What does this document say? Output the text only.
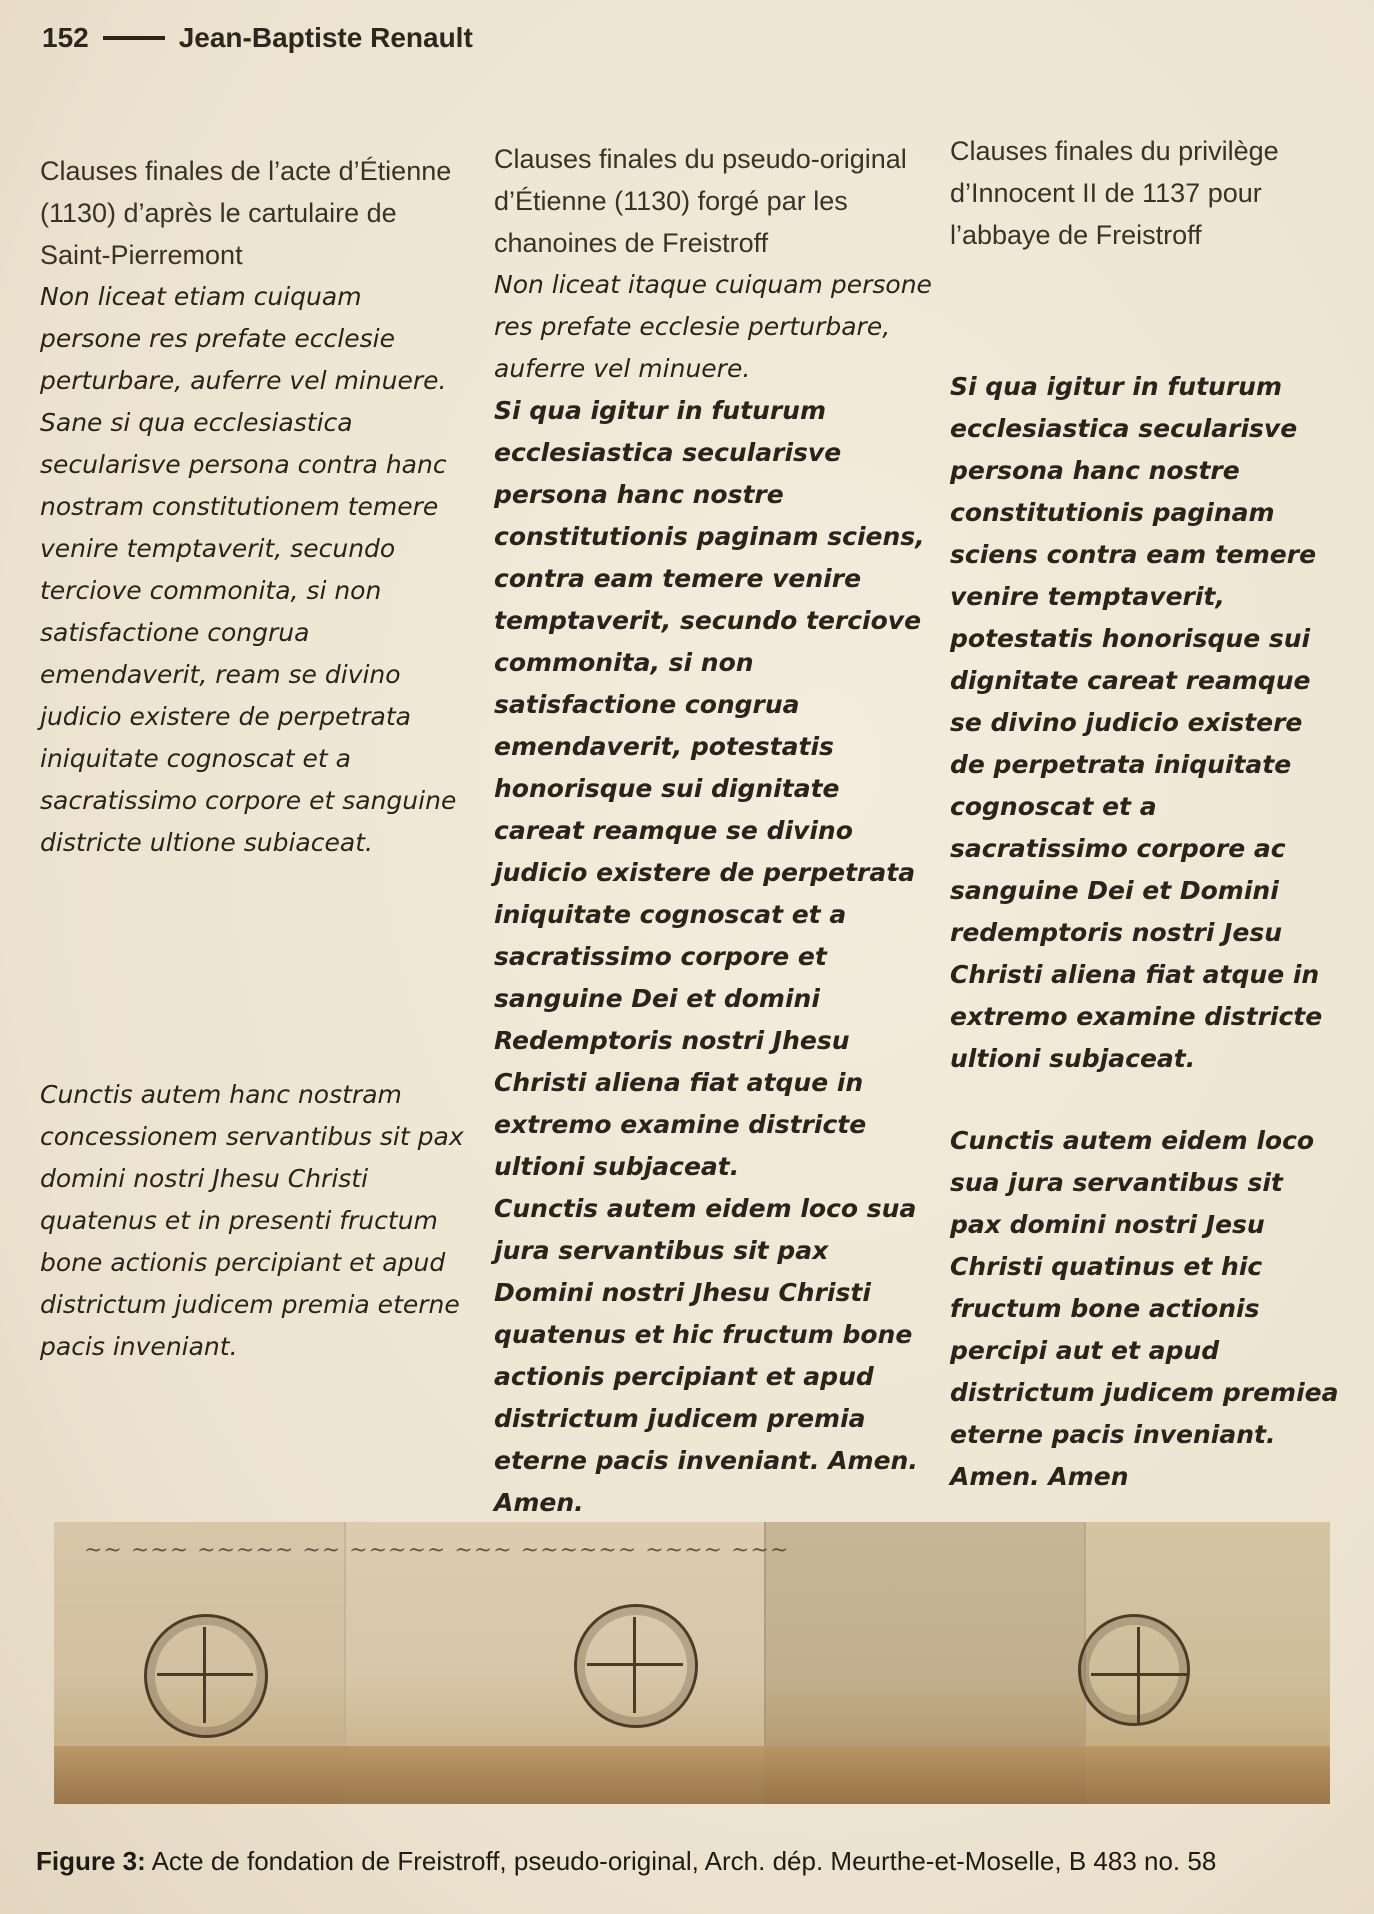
152	Jean-Baptiste Renault

Clauses finales de l’acte d’Étienne (1130) d’après le cartulaire de Saint-Pierremont

Non liceat etiam cuiquam persone res prefate ecclesie perturbare, auferre vel minuere. Sane si qua ecclesiastica secularisve persona contra hanc nostram constitutionem temere venire temptaverit, secundo terciove commonita, si non satisfactione congrua emendaverit, ream se divino judicio existere de perpetrata iniquitate cognoscat et a sacratissimo corpore et sanguine districte ultione subiaceat.

Cunctis autem hanc nostram concessionem servantibus sit pax domini nostri Jhesu Christi quatenus et in presenti fructum bone actionis percipiant et apud districtum judicem premia eterne pacis inveniant.

Clauses finales du pseudo-original d’Étienne (1130) forgé par les chanoines de Freistroff

Non liceat itaque cuiquam persone res prefate ecclesie perturbare, auferre vel minuere.

Si qua igitur in futurum ecclesiastica secularisve persona hanc nostre constitutionis paginam sciens, contra eam temere venire temptaverit, secundo terciove commonita, si non satisfactione congrua emendaverit, potestatis honorisque sui dignitate careat reamque se divino judicio existere de perpetrata iniquitate cognoscat et a sacratissimo corpore et sanguine Dei et domini Redemptoris nostri Jhesu Christi aliena fiat atque in extremo examine districte ultioni subjaceat.

Cunctis autem eidem loco sua jura servantibus sit pax Domini nostri Jhesu Christi quatenus et hic fructum bone actionis percipiant et apud districtum judicem premia eterne pacis inveniant. Amen. Amen.

Clauses finales du privilège d’Innocent II de 1137 pour l’abbaye de Freistroff

Si qua igitur in futurum ecclesiastica secularisve persona hanc nostre constitutionis paginam sciens contra eam temere venire temptaverit, potestatis honorisque sui dignitate careat reamque se divino judicio existere de perpetrata iniquitate cognoscat et a sacratissimo corpore ac sanguine Dei et Domini redemptoris nostri Jesu Christi aliena fiat atque in extremo examine districte ultioni subjaceat.

Cunctis autem eidem loco sua jura servantibus sit pax domini nostri Jesu Christi quatinus et hic fructum bone actionis percipi aut et apud districtum judicem premiea eterne pacis inveniant. Amen. Amen

~~ ~~~ ~~~~~ ~~ ~~~~~ ~~~ ~~~~~~ ~~~~ ~~~
Figure 3: Acte de fondation de Freistroff, pseudo-original, Arch. dép. Meurthe-et-Moselle, B 483 no. 58
